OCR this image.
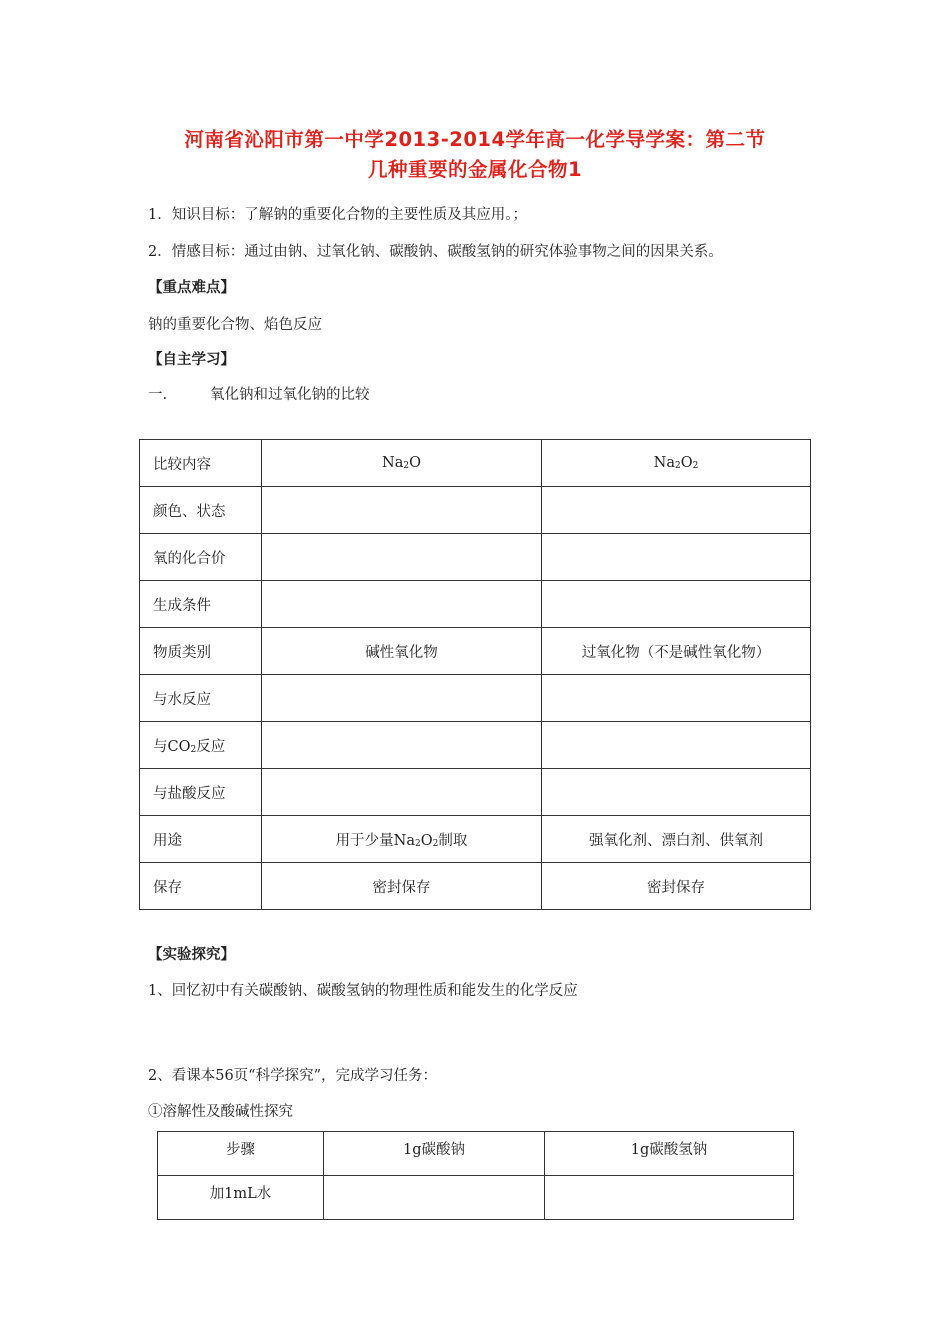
河南省沁阳市第一中学2013-2014学年高一化学导学案：第二节
几种重要的金属化合物1
1．知识目标：了解钠的重要化合物的主要性质及其应用。；
2．情感目标：通过由钠、过氧化钠、碳酸钠、碳酸氢钠的研究体验事物之间的因果关系。
【重点难点】
钠的重要化合物、焰色反应
【自主学习】
一.	氧化钠和过氧化钠的比较
比较内容	$Na_2O$	$Na_2O_2$
颜色、状态		
氧的化合价		
生成条件		
物质类别	碱性氧化物	过氧化物（不是碱性氧化物）
与水反应		
与$CO_2$反应		
与盐酸反应		
用途	用于少量$Na_2O_2$制取	强氧化剂、漂白剂、供氧剂
保存	密封保存	密封保存
【实验探究】
1、回忆初中有关碳酸钠、碳酸氢钠的物理性质和能发生的化学反应
2、看课本56页“科学探究”，完成学习任务：
①溶解性及酸碱性探究
步骤	1g碳酸钠	1g碳酸氢钠
加1mL水		
